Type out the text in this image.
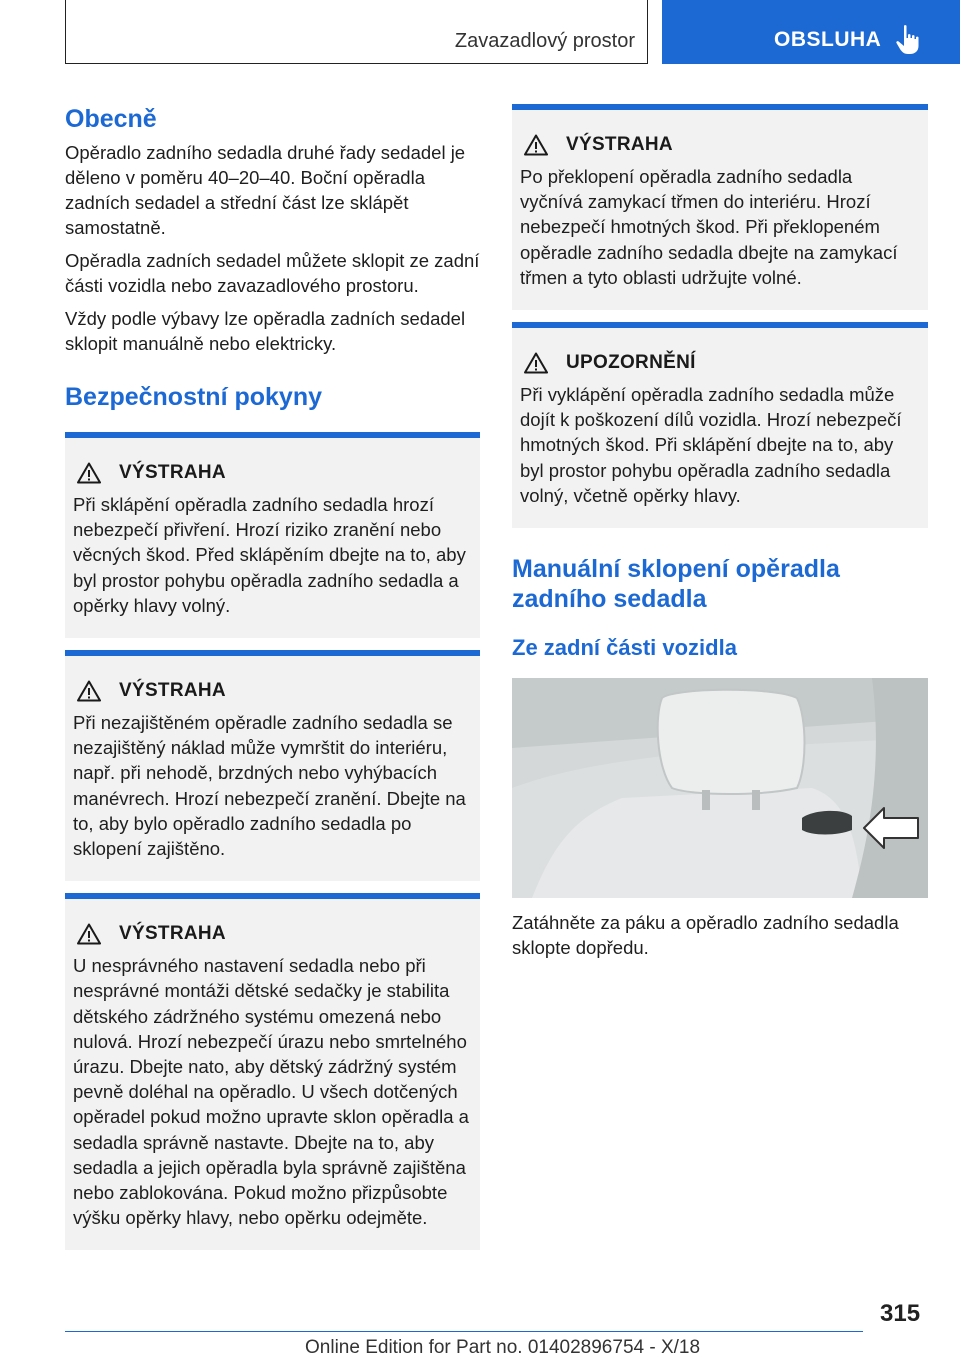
Zavazadlový prostor	OBSLUHA
Obecně

Opěradlo zadního sedadla druhé řady sedadel je děleno v poměru 40–20–40. Boční opěradla zadních sedadel a střední část lze sklápět samostatně.

Opěradla zadních sedadel můžete sklopit ze zadní části vozidla nebo zavazadlového prostoru.

Vždy podle výbavy lze opěradla zadních sedadel sklopit manuálně nebo elektricky.

Bezpečnostní pokyny
VÝSTRAHA
Při sklápění opěradla zadního sedadla hrozí nebezpečí přivření. Hrozí riziko zranění nebo věcných škod. Před sklápěním dbejte na to, aby byl prostor pohybu opěradla zadního sedadla a opěrky hlavy volný.
VÝSTRAHA
Při nezajištěném opěradle zadního sedadla se nezajištěný náklad může vymrštit do interiéru, např. při nehodě, brzdných nebo vyhýbacích manévrech. Hrozí nebezpečí zranění. Dbejte na to, aby bylo opěradlo zadního sedadla po sklopení zajištěno.
VÝSTRAHA
U nesprávného nastavení sedadla nebo při nesprávné montáži dětské sedačky je stabilita dětského zádržného systému omezená nebo nulová. Hrozí nebezpečí úrazu nebo smrtelného úrazu. Dbejte nato, aby dětský zádržný systém pevně doléhal na opěradlo. U všech dotčených opěradel pokud možno upravte sklon opěradla a sedadla správně nastavte. Dbejte na to, aby sedadla a jejich opěradla byla správně zajištěna nebo zablokována. Pokud možno přizpůsobte výšku opěrky hlavy, nebo opěrku odejměte.
VÝSTRAHA
Po překlopení opěradla zadního sedadla vyčnívá zamykací třmen do interiéru. Hrozí nebezpečí hmotných škod. Při překlopeném opěradle zadního sedadla dbejte na zamykací třmen a tyto oblasti udržujte volné.
UPOZORNĚNÍ
Při vyklápění opěradla zadního sedadla může dojít k poškození dílů vozidla. Hrozí nebezpečí hmotných škod. Při sklápění dbejte na to, aby byl prostor pohybu opěradla zadního sedadla volný, včetně opěrky hlavy.
Manuální sklopení opěradla zadního sedadla
Ze zadní části vozidla

Zatáhněte za páku a opěradlo zadního sedadla sklopte dopředu.

315
Online Edition for Part no. 01402896754 - X/18
